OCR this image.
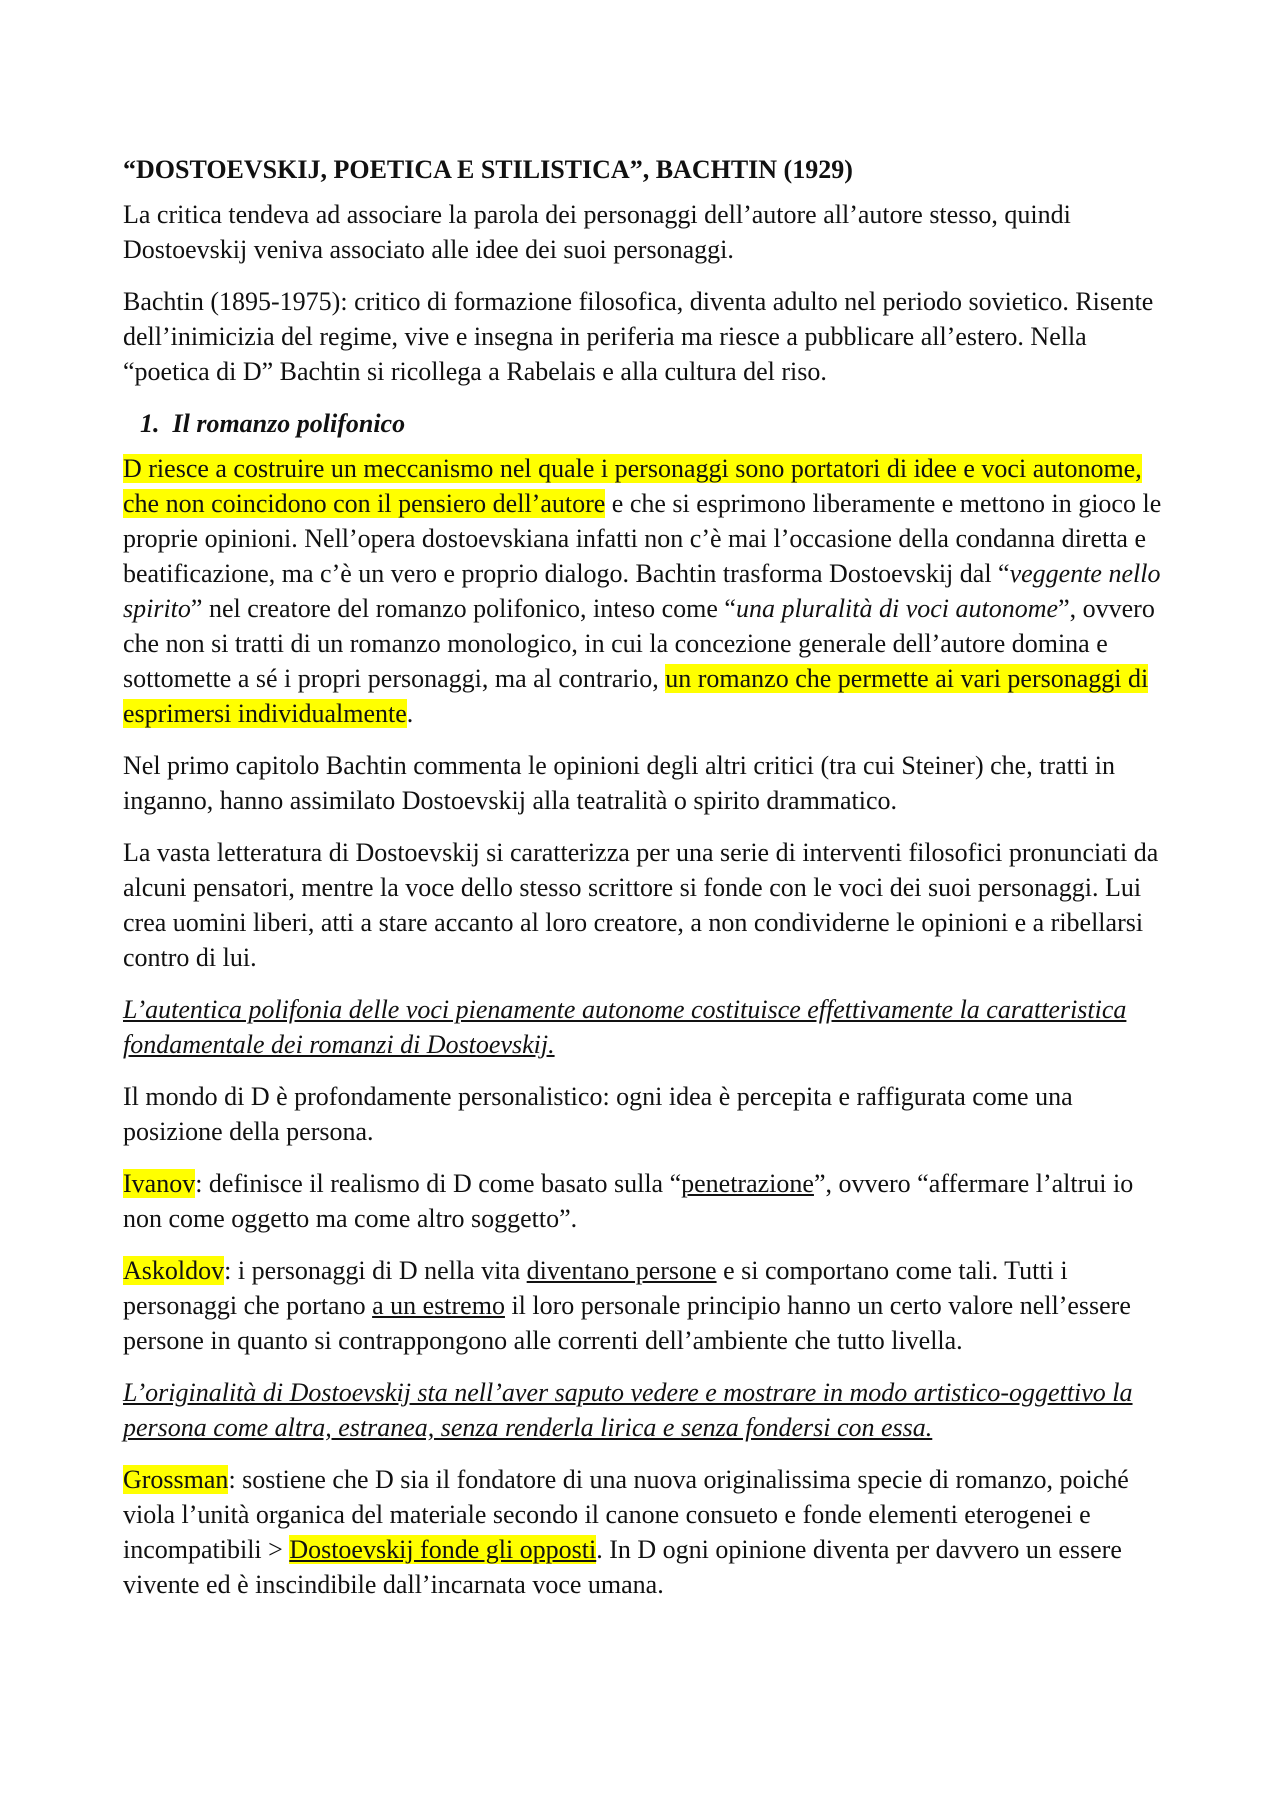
“DOSTOEVSKIJ, POETICA E STILISTICA”, BACHTIN (1929)

La critica tendeva ad associare la parola dei personaggi dell’autore all’autore stesso, quindi Dostoevskij veniva associato alle idee dei suoi personaggi.

Bachtin (1895-1975): critico di formazione filosofica, diventa adulto nel periodo sovietico. Risente dell’inimicizia del regime, vive e insegna in periferia ma riesce a pubblicare all’estero. Nella “poetica di D” Bachtin si ricollega a Rabelais e alla cultura del riso.

1. Il romanzo polifonico

D riesce a costruire un meccanismo nel quale i personaggi sono portatori di idee e voci autonome, che non coincidono con il pensiero dell’autore e che si esprimono liberamente e mettono in gioco le proprie opinioni. Nell’opera dostoevskiana infatti non c’è mai l’occasione della condanna diretta e beatificazione, ma c’è un vero e proprio dialogo. Bachtin trasforma Dostoevskij dal “veggente nello spirito” nel creatore del romanzo polifonico, inteso come “una pluralità di voci autonome”, ovvero che non si tratti di un romanzo monologico, in cui la concezione generale dell’autore domina e sottomette a sé i propri personaggi, ma al contrario, un romanzo che permette ai vari personaggi di esprimersi individualmente.

Nel primo capitolo Bachtin commenta le opinioni degli altri critici (tra cui Steiner) che, tratti in inganno, hanno assimilato Dostoevskij alla teatralità o spirito drammatico.

La vasta letteratura di Dostoevskij si caratterizza per una serie di interventi filosofici pronunciati da alcuni pensatori, mentre la voce dello stesso scrittore si fonde con le voci dei suoi personaggi. Lui crea uomini liberi, atti a stare accanto al loro creatore, a non condividerne le opinioni e a ribellarsi contro di lui.

L’autentica polifonia delle voci pienamente autonome costituisce effettivamente la caratteristica fondamentale dei romanzi di Dostoevskij.

Il mondo di D è profondamente personalistico: ogni idea è percepita e raffigurata come una posizione della persona.

Ivanov: definisce il realismo di D come basato sulla “penetrazione”, ovvero “affermare l’altrui io non come oggetto ma come altro soggetto”.

Askoldov: i personaggi di D nella vita diventano persone e si comportano come tali. Tutti i personaggi che portano a un estremo il loro personale principio hanno un certo valore nell’essere persone in quanto si contrappongono alle correnti dell’ambiente che tutto livella.

L’originalità di Dostoevskij sta nell’aver saputo vedere e mostrare in modo artistico-oggettivo la persona come altra, estranea, senza renderla lirica e senza fondersi con essa.

Grossman: sostiene che D sia il fondatore di una nuova originalissima specie di romanzo, poiché viola l’unità organica del materiale secondo il canone consueto e fonde elementi eterogenei e incompatibili > Dostoevskij fonde gli opposti. In D ogni opinione diventa per davvero un essere vivente ed è inscindibile dall’incarnata voce umana.
